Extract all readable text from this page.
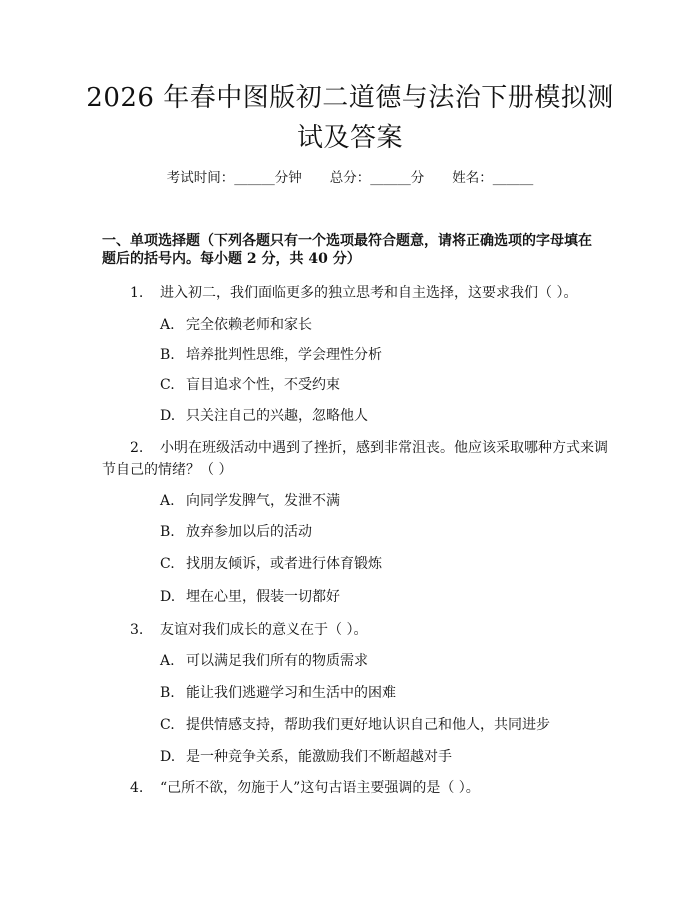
2026 年春中图版初二道德与法治下册模拟测
试及答案
考试时间：______分钟 总分：______分 姓名：______
一、单项选择题（下列各题只有一个选项最符合题意，请将正确选项的字母填在
题后的括号内。每小题 2 分，共 40 分）
1. 进入初二，我们面临更多的独立思考和自主选择，这要求我们（ ）。
A. 完全依赖老师和家长
B. 培养批判性思维，学会理性分析
C. 盲目追求个性，不受约束
D. 只关注自己的兴趣，忽略他人
2. 小明在班级活动中遇到了挫折，感到非常沮丧。他应该采取哪种方式来调
节自己的情绪？（ ）
A. 向同学发脾气，发泄不满
B. 放弃参加以后的活动
C. 找朋友倾诉，或者进行体育锻炼
D. 埋在心里，假装一切都好
3. 友谊对我们成长的意义在于（ ）。
A. 可以满足我们所有的物质需求
B. 能让我们逃避学习和生活中的困难
C. 提供情感支持，帮助我们更好地认识自己和他人，共同进步
D. 是一种竞争关系，能激励我们不断超越对手
4. “己所不欲，勿施于人”这句古语主要强调的是（ ）。
